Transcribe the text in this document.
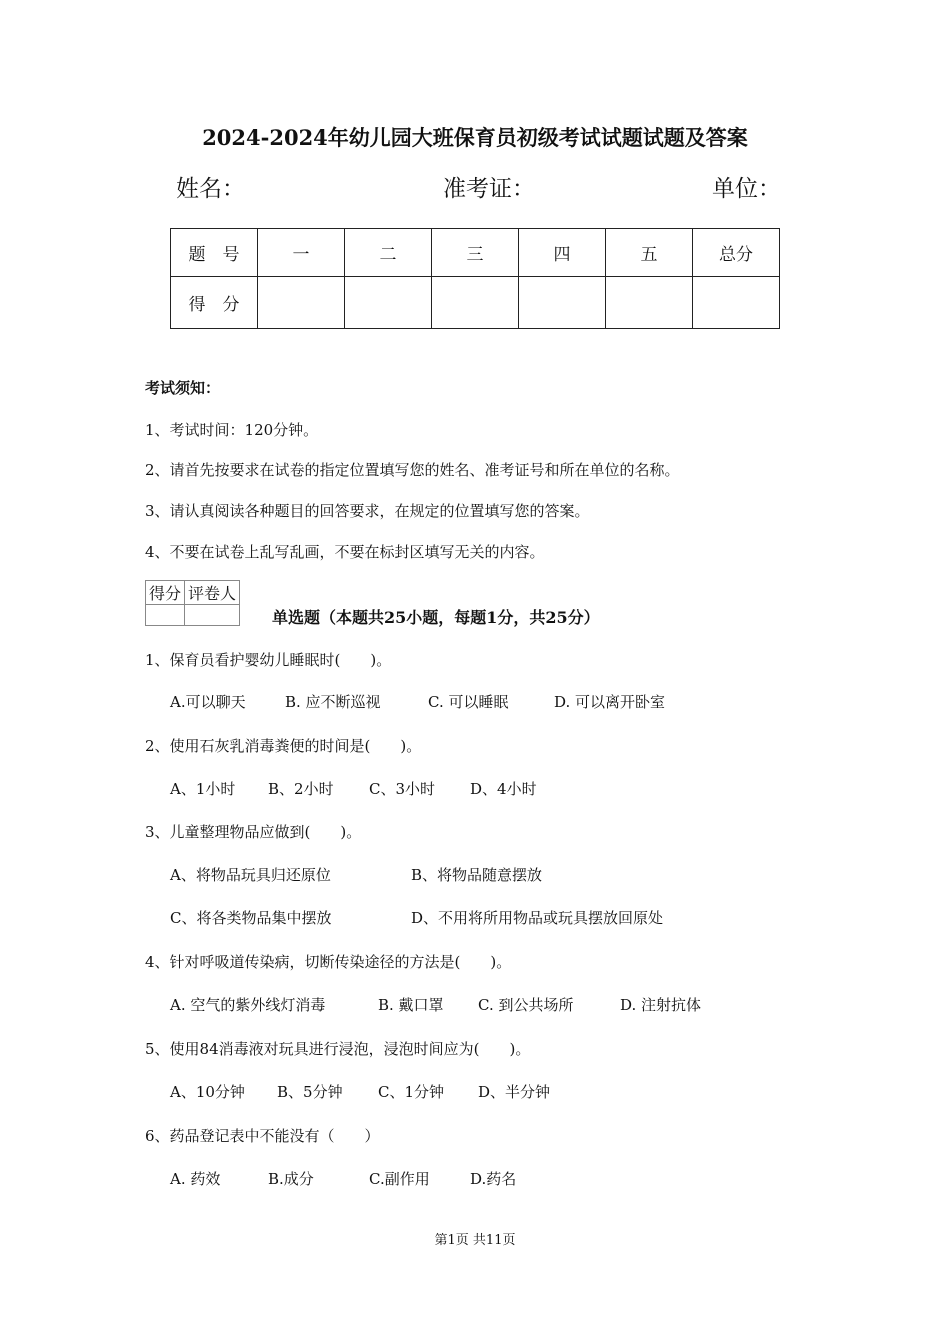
2024-2024年幼儿园大班保育员初级考试试题试题及答案
姓名：	准考证：	单位：
题　号	一	二	三	四	五	总分
得　分						
考试须知：
1、考试时间：120分钟。
2、请首先按要求在试卷的指定位置填写您的姓名、准考证号和所在单位的名称。
3、请认真阅读各种题目的回答要求，在规定的位置填写您的答案。
4、不要在试卷上乱写乱画，不要在标封区填写无关的内容。
得分	评卷人

单选题（本题共25小题，每题1分，共25分）
1、保育员看护婴幼儿睡眠时(　　)。
A.可以聊天	B. 应不断巡视	C. 可以睡眠	D. 可以离开卧室
2、使用石灰乳消毒粪便的时间是(　　)。
A、1小时 B、2小时 C、3小时 D、4小时
3、儿童整理物品应做到(　　)。
A、将物品玩具归还原位	B、将物品随意摆放
C、将各类物品集中摆放	D、不用将所用物品或玩具摆放回原处
4、针对呼吸道传染病，切断传染途径的方法是(　　)。
A. 空气的紫外线灯消毒	B. 戴口罩 C. 到公共场所	D. 注射抗体
5、使用84消毒液对玩具进行浸泡，浸泡时间应为(　　)。
A、10分钟 B、5分钟 C、1分钟 D、半分钟
6、药品登记表中不能没有（　　）
A. 药效	B.成分	C.副作用	D.药名
第1页 共11页
